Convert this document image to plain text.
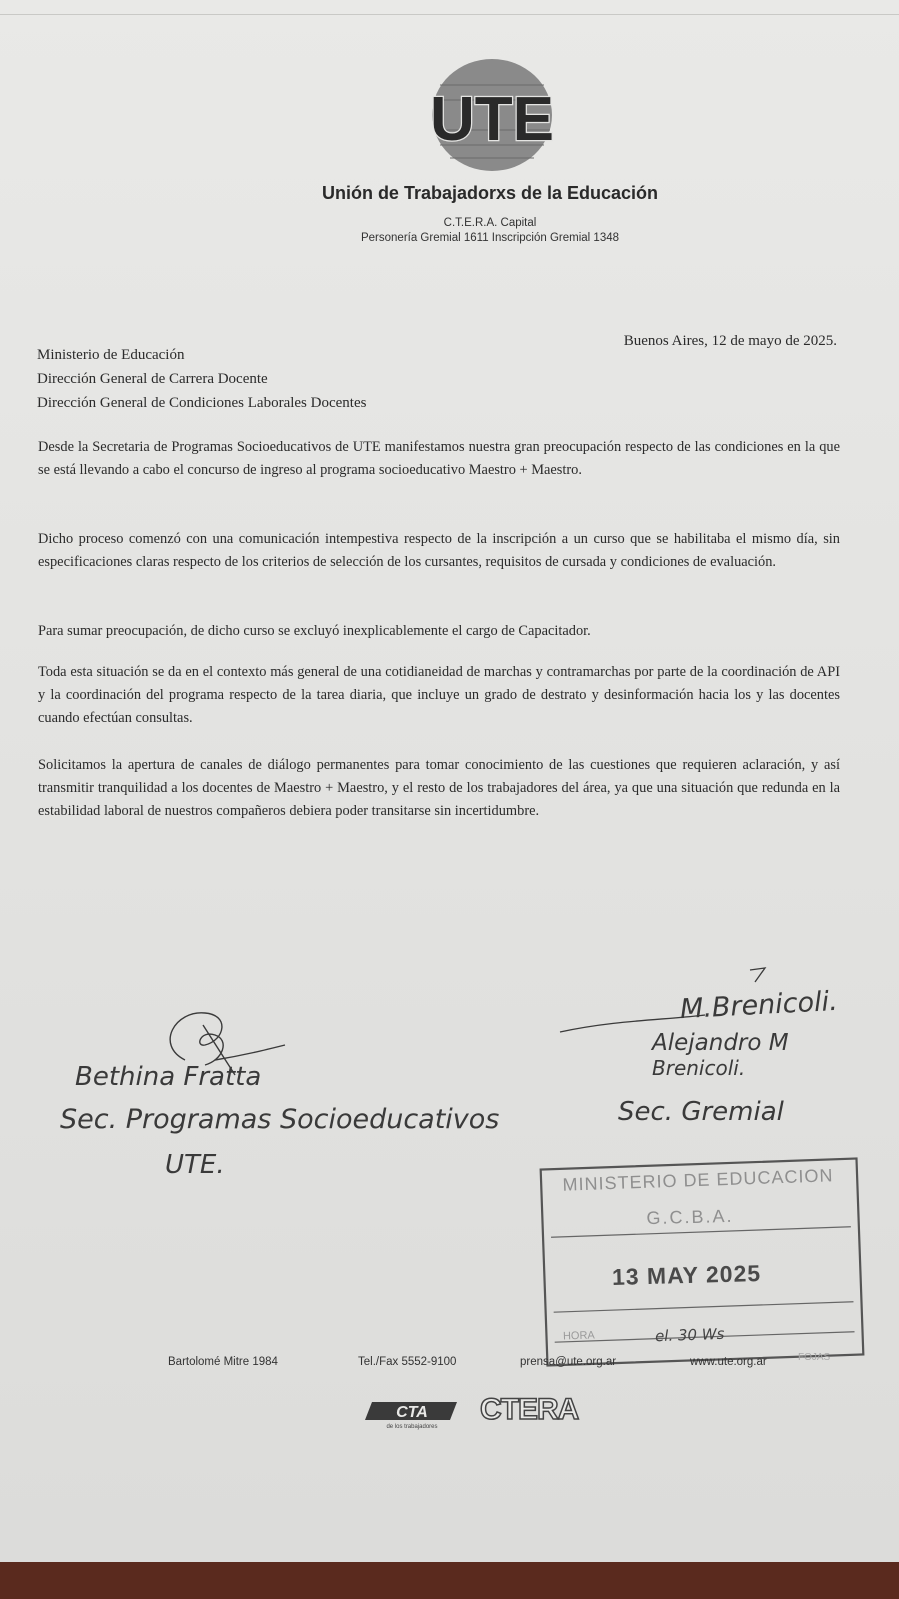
UTE
Unión de Trabajadorxs de la Educación
C.T.E.R.A. Capital
Personería Gremial 1611 Inscripción Gremial 1348
Buenos Aires, 12 de mayo de 2025.
Ministerio de Educación
Dirección General de Carrera Docente
Dirección General de Condiciones Laborales Docentes
Desde la Secretaria de Programas Socioeducativos de UTE manifestamos nuestra gran preocupación respecto de las condiciones en la que se está llevando a cabo el concurso de ingreso al programa socioeducativo Maestro + Maestro.
Dicho proceso comenzó con una comunicación intempestiva respecto de la inscripción a un curso que se habilitaba el mismo día, sin especificaciones claras respecto de los criterios de selección de los cursantes, requisitos de cursada y condiciones de evaluación.
Para sumar preocupación, de dicho curso se excluyó inexplicablemente el cargo de Capacitador.
Toda esta situación se da en el contexto más general de una cotidianeidad de marchas y contramarchas por parte de la coordinación de API y la coordinación del programa respecto de la tarea diaria, que incluye un grado de destrato y desinformación hacia los y las docentes cuando efectúan consultas.
Solicitamos la apertura de canales de diálogo permanentes para tomar conocimiento de las cuestiones que requieren aclaración, y así transmitir tranquilidad a los docentes de Maestro + Maestro, y el resto de los trabajadores del área, ya que una situación que redunda en la estabilidad laboral de nuestros compañeros debiera poder transitarse sin incertidumbre.
Bethina Fratta
Sec. Programas Socioeducativos
UTE.
M.Brenicoli.
Alejandro M
Brenicoli.
Sec. Gremial
MINISTERIO DE EDUCACION
G.C.B.A.
13 MAY 2025
HORA	el. 30 Ws
FOJAS
Bartolomé Mitre 1984	Tel./Fax 5552-9100	prensa@ute.org.ar	www.ute.org.ar
CTA
de los trabajadores
CTERA
